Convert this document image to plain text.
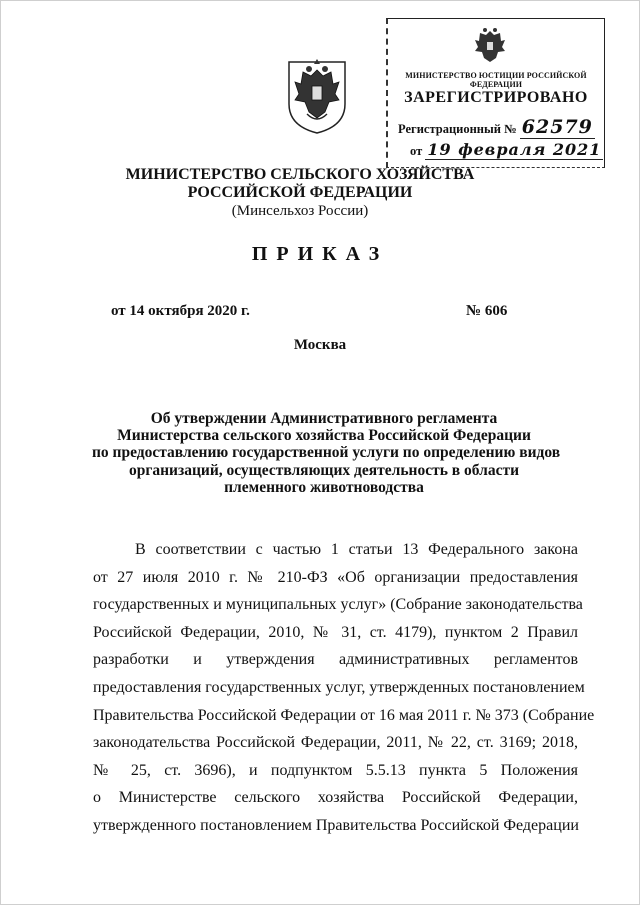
МИНИСТЕРСТВО ЮСТИЦИИ РОССИЙСКОЙ ФЕДЕРАЦИИ
ЗАРЕГИСТРИРОВАНО
Регистрационный № 62579
от 19 февраля 2021
МИНИСТЕРСТВО СЕЛЬСКОГО ХОЗЯЙСТВА
РОССИЙСКОЙ ФЕДЕРАЦИИ
(Минсельхоз России)
ПРИКАЗ
от 14 октября 2020 г.	№ 606
Москва
Об утверждении Административного регламента
Министерства сельского хозяйства Российской Федерации
по предоставлению государственной услуги по определению видов
организаций, осуществляющих деятельность в области
племенного животноводства
В соответствии с частью 1 статьи 13 Федерального закона
от 27 июля 2010 г. № 210-ФЗ «Об организации предоставления
государственных и муниципальных услуг» (Собрание законодательства
Российской Федерации, 2010, № 31, ст. 4179), пунктом 2 Правил
разработки и утверждения административных регламентов
предоставления государственных услуг, утвержденных постановлением
Правительства Российской Федерации от 16 мая 2011 г. № 373 (Собрание
законодательства Российской Федерации, 2011, № 22, ст. 3169; 2018,
№ 25, ст. 3696), и подпунктом 5.5.13 пункта 5 Положения
о Министерстве сельского хозяйства Российской Федерации,
утвержденного постановлением Правительства Российской Федерации
